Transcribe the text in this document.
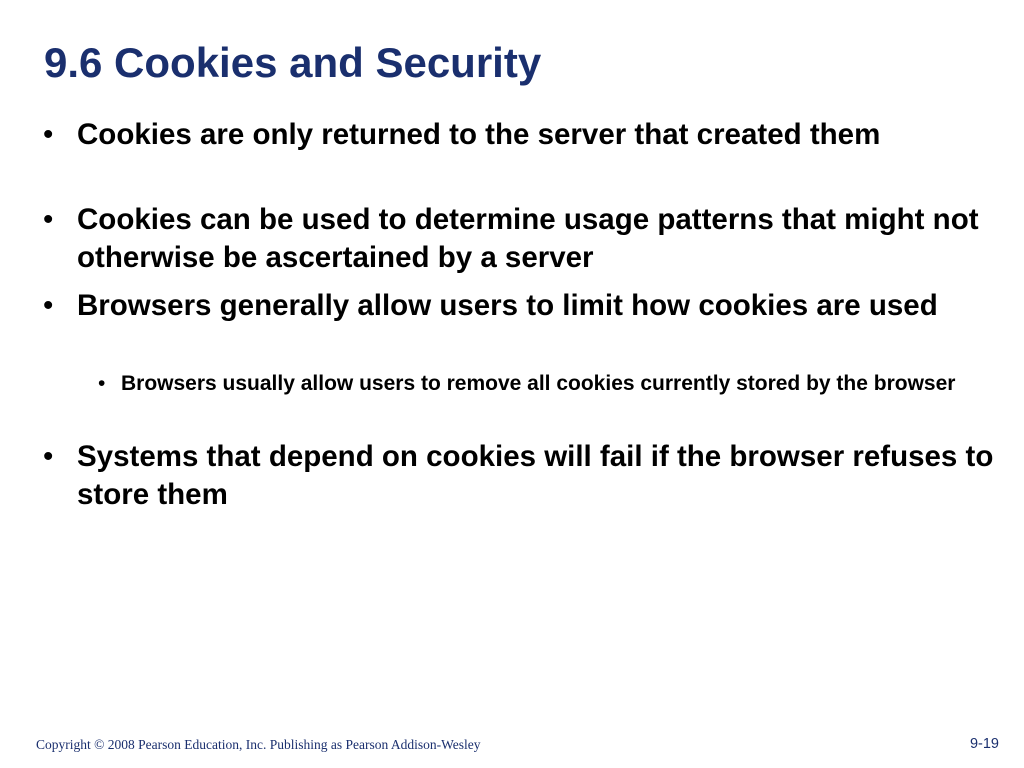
9.6 Cookies and Security
• Cookies are only returned to the server that created them
• Cookies can be used to determine usage patterns that might not otherwise be ascertained by a server
• Browsers generally allow users to limit how cookies are used
• Browsers usually allow users to remove all cookies currently stored by the browser
• Systems that depend on cookies will fail if the browser refuses to store them
Copyright © 2008 Pearson Education, Inc. Publishing as Pearson Addison-Wesley	9-19
